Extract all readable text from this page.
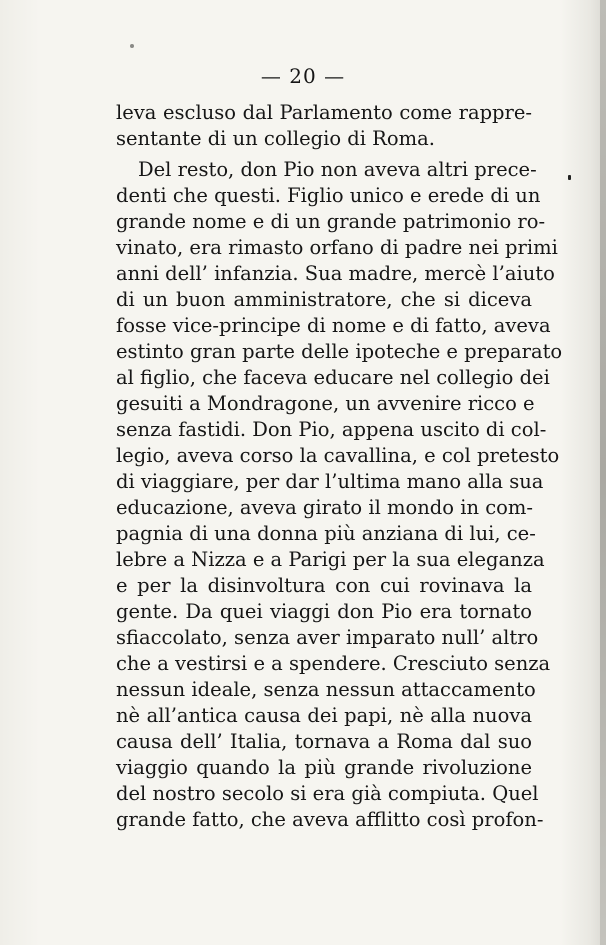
— 20 —
leva escluso dal Parlamento come rappre-
sentante di un collegio di Roma.
Del resto, don Pio non aveva altri prece-
denti che questi. Figlio unico e erede di un
grande nome e di un grande patrimonio ro-
vinato, era rimasto orfano di padre nei primi
anni dell’ infanzia. Sua madre, mercè l’aiuto
di un buon amministratore, che si diceva
fosse vice-principe di nome e di fatto, aveva
estinto gran parte delle ipoteche e preparato
al figlio, che faceva educare nel collegio dei
gesuiti a Mondragone, un avvenire ricco e
senza fastidi. Don Pio, appena uscito di col-
legio, aveva corso la cavallina, e col pretesto
di viaggiare, per dar l’ultima mano alla sua
educazione, aveva girato il mondo in com-
pagnia di una donna più anziana di lui, ce-
lebre a Nizza e a Parigi per la sua eleganza
e per la disinvoltura con cui rovinava la
gente. Da quei viaggi don Pio era tornato
sfiaccolato, senza aver imparato null’ altro
che a vestirsi e a spendere. Cresciuto senza
nessun ideale, senza nessun attaccamento
nè all’antica causa dei papi, nè alla nuova
causa dell’ Italia, tornava a Roma dal suo
viaggio quando la più grande rivoluzione
del nostro secolo si era già compiuta. Quel
grande fatto, che aveva afflitto così profon-
